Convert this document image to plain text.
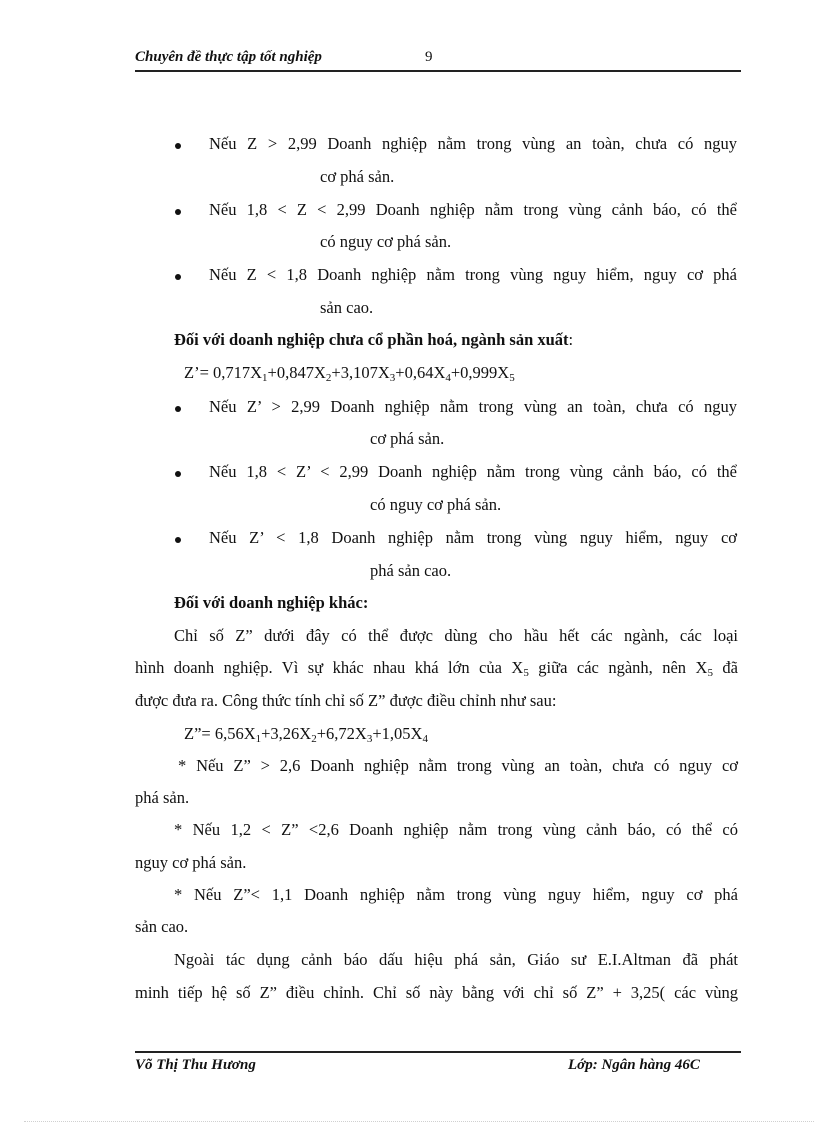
Chuyên đề thực tập tốt nghiệp	9
Nếu Z > 2,99 Doanh nghiệp nằm trong vùng an toàn, chưa có nguy
cơ phá sản.
Nếu 1,8 < Z < 2,99 Doanh nghiệp nằm trong vùng cảnh báo, có thể
có nguy cơ phá sản.
Nếu Z < 1,8 Doanh nghiệp nằm trong vùng nguy hiểm, nguy cơ phá
sản cao.
Đối với doanh nghiệp chưa cổ phần hoá, ngành sản xuất:
Z’= $0,717X_1+0,847X_2+3,107X_3+0,64X_4+0,999X_5$
Nếu Z’ > 2,99 Doanh nghiệp nằm trong vùng an toàn, chưa có nguy
cơ phá sản.
Nếu 1,8 < Z’ < 2,99 Doanh nghiệp nằm trong vùng cảnh báo, có thể
có nguy cơ phá sản.
Nếu Z’ < 1,8 Doanh nghiệp nằm trong vùng nguy hiểm, nguy cơ
phá sản cao.
Đối với doanh nghiệp khác:
Chỉ số Z” dưới đây có thể được dùng cho hầu hết các ngành, các loại
hình doanh nghiệp. Vì sự khác nhau khá lớn của $X_5$ giữa các ngành, nên $X_5$ đã
được đưa ra. Công thức tính chỉ số Z” được điều chỉnh như sau:
Z”= $6,56X_1+3,26X_2+6,72X_3+1,05X_4$
* Nếu Z” > 2,6 Doanh nghiệp nằm trong vùng an toàn, chưa có nguy cơ
phá sản.
* Nếu 1,2 < Z” <2,6 Doanh nghiệp nằm trong vùng cảnh báo, có thể có
nguy cơ phá sản.
* Nếu Z”< 1,1 Doanh nghiệp nằm trong vùng nguy hiểm, nguy cơ phá
sản cao.
Ngoài tác dụng cảnh báo dấu hiệu phá sản, Giáo sư E.I.Altman đã phát
minh tiếp hệ số Z” điều chỉnh. Chỉ số này bằng với chỉ số Z” + 3,25( các vùng
Võ Thị Thu Hương	Lớp: Ngân hàng 46C
